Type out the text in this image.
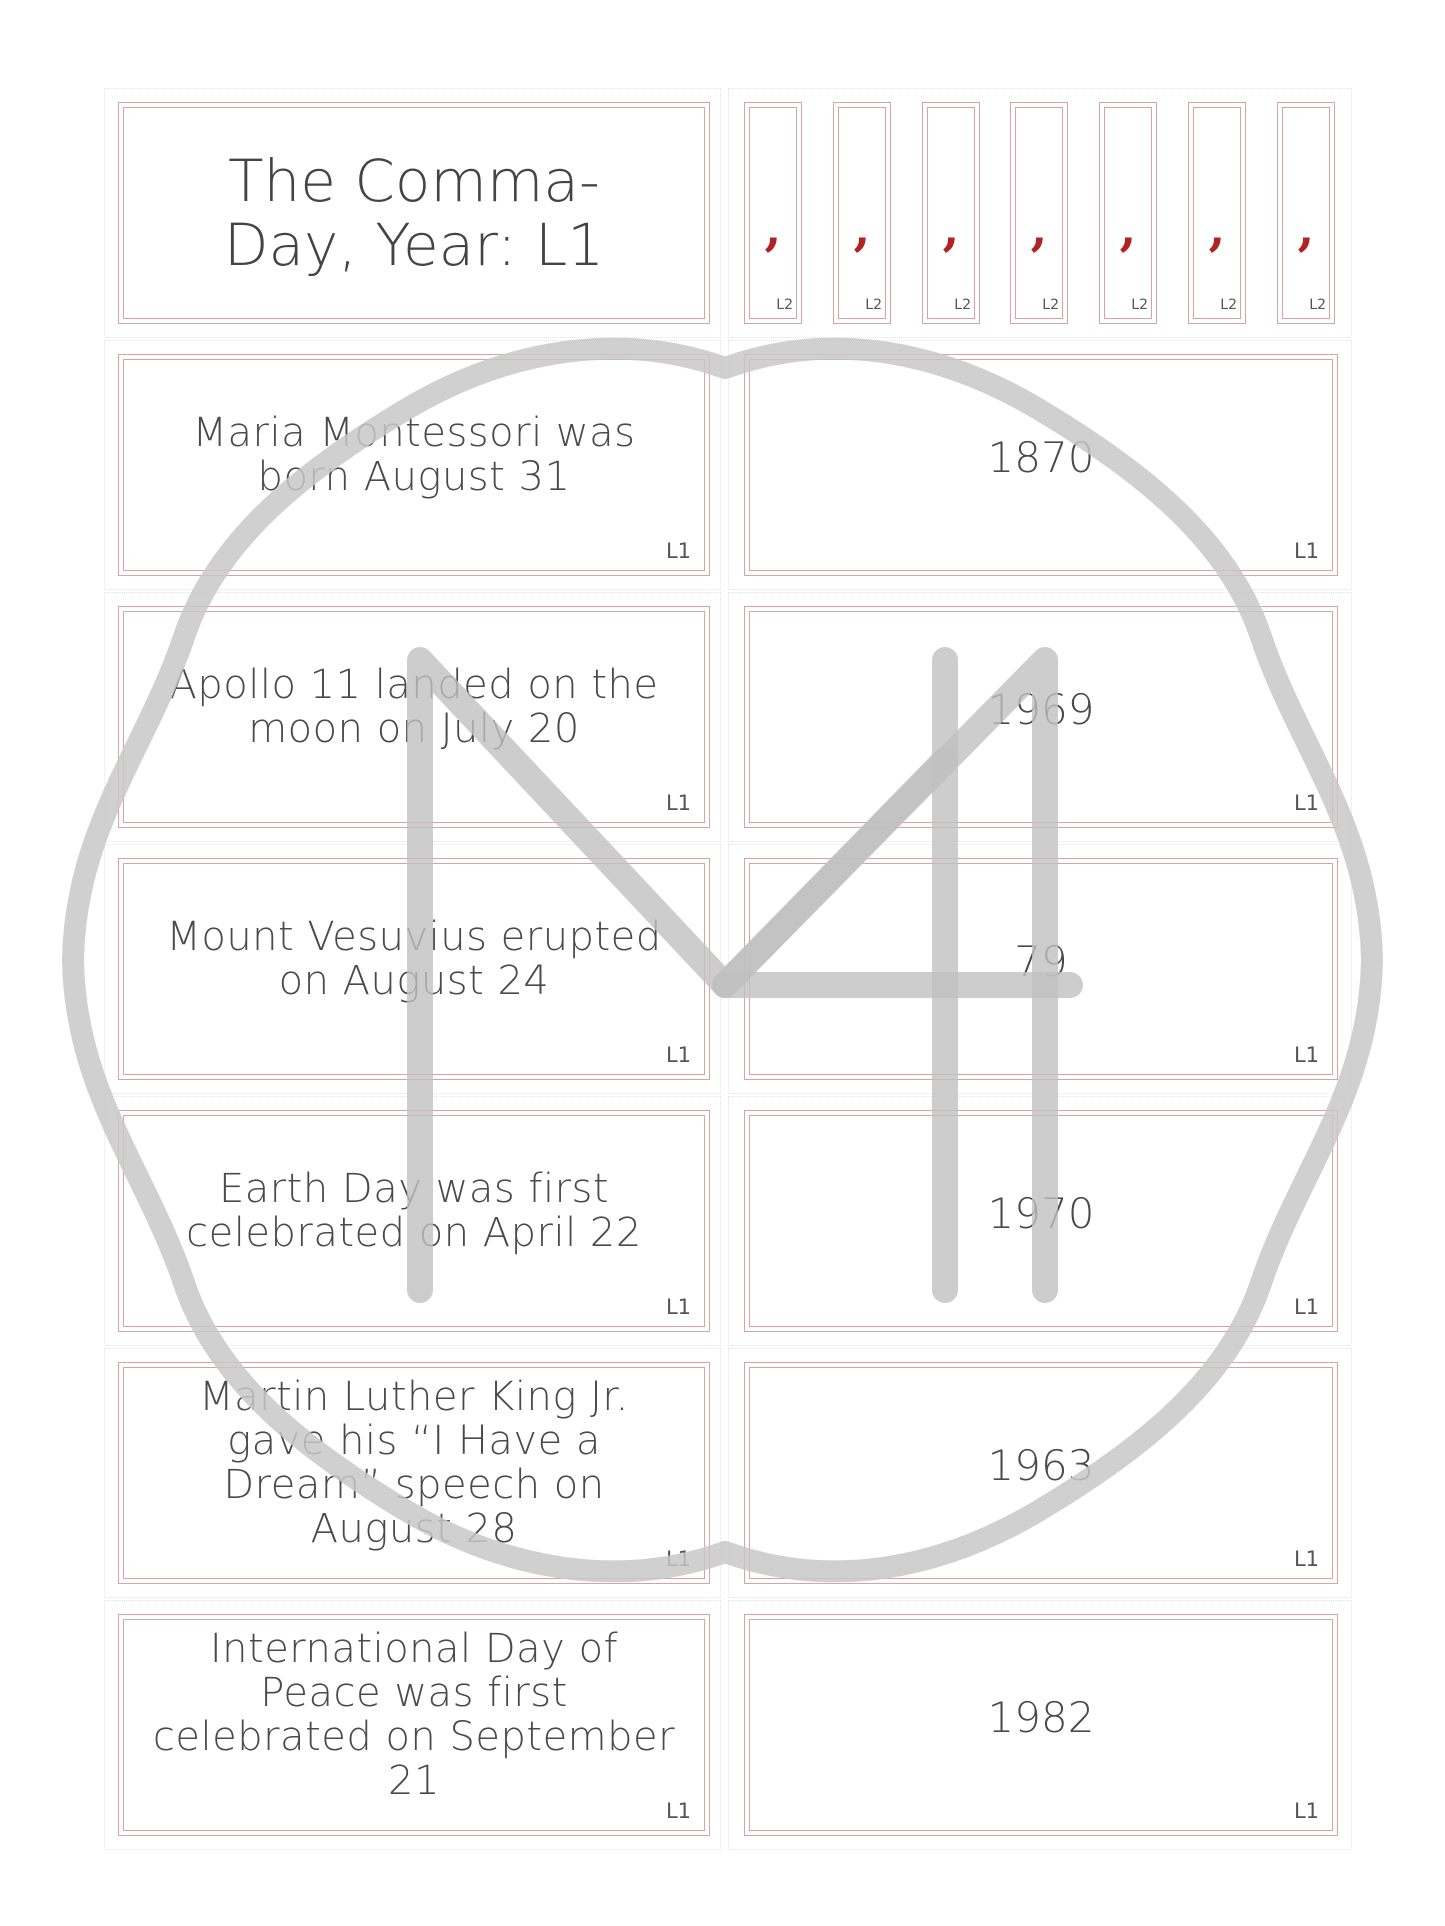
The Comma- Day, Year: L1	,
L2
,
L2
,
L2
,
L2
,
L2
,
L2
,
L2
Maria Montessori was born August 31
L1
1870
L1
Apollo 11 landed on the moon on July 20
L1
1969
L1
Mount Vesuvius erupted on August 24
L1
79
L1
Earth Day was first celebrated on April 22
L1
1970
L1
Martin Luther King Jr. gave his “I Have a Dream” speech on August 28
L1
1963
L1
International Day of Peace was first celebrated on September 21
L1
1982
L1
